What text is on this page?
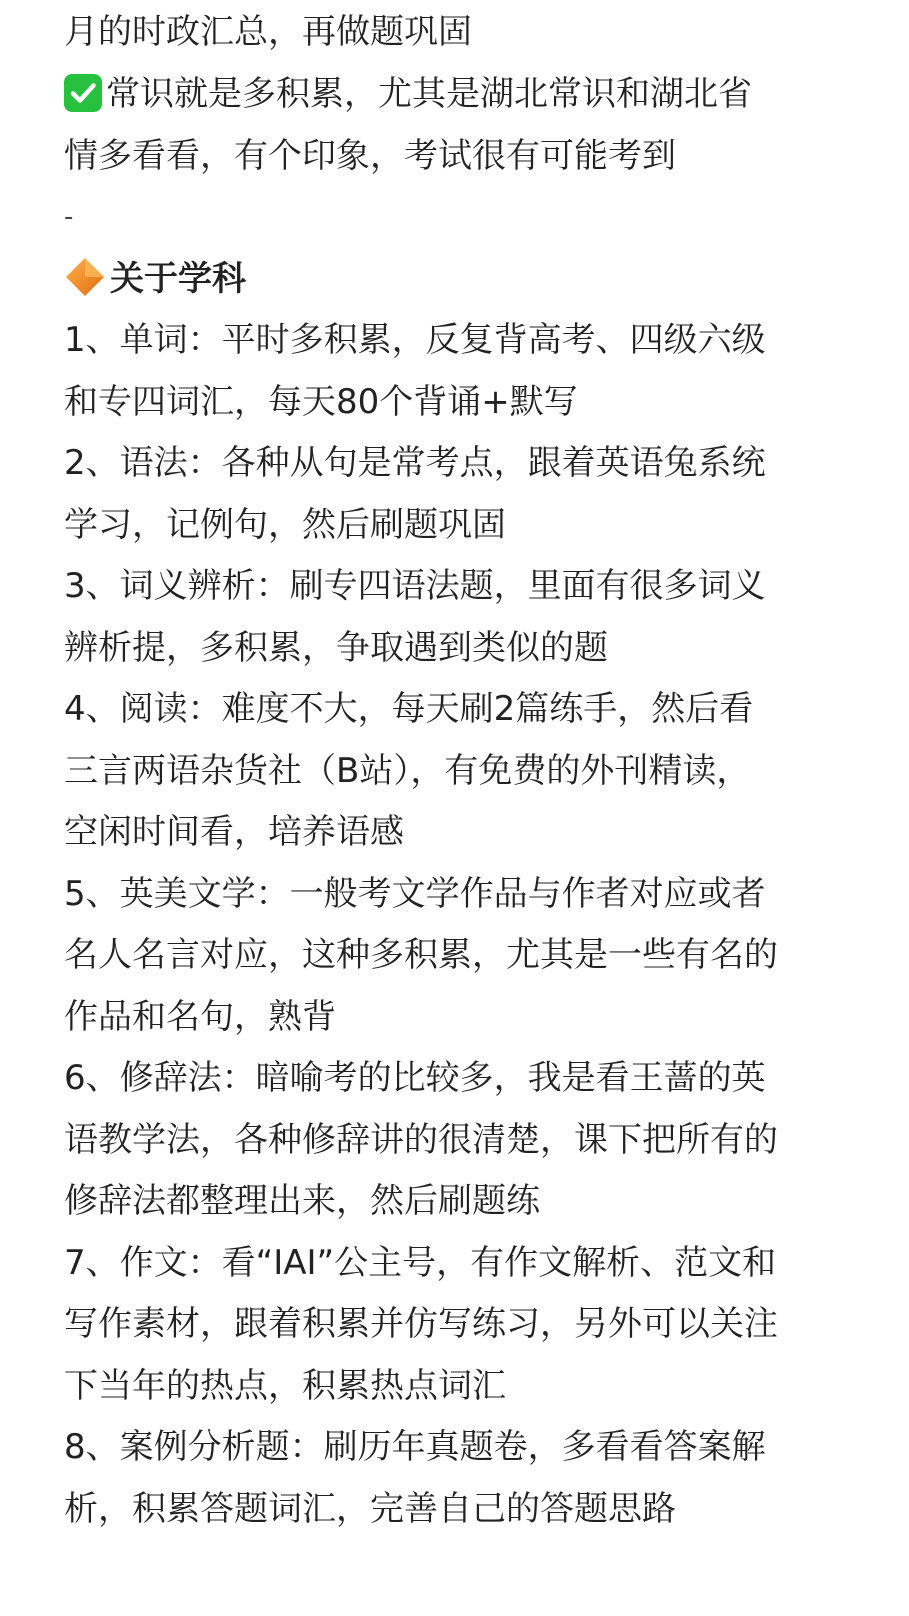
月的时政汇总，再做题巩固
常识就是多积累，尤其是湖北常识和湖北省
情多看看，有个印象，考试很有可能考到
-
关于学科
1、单词：平时多积累，反复背高考、四级六级
和专四词汇，每天80个背诵+默写
2、语法：各种从句是常考点，跟着英语兔系统
学习，记例句，然后刷题巩固
3、词义辨析：刷专四语法题，里面有很多词义
辨析提，多积累，争取遇到类似的题
4、阅读：难度不大，每天刷2篇练手，然后看
三言两语杂货社（B站），有免费的外刊精读，
空闲时间看，培养语感
5、英美文学：一般考文学作品与作者对应或者
名人名言对应，这种多积累，尤其是一些有名的
作品和名句，熟背
6、修辞法：暗喻考的比较多，我是看王蔷的英
语教学法，各种修辞讲的很清楚，课下把所有的
修辞法都整理出来，然后刷题练
7、作文：看“IAI”公主号，有作文解析、范文和
写作素材，跟着积累并仿写练习，另外可以关注
下当年的热点，积累热点词汇
8、案例分析题：刷历年真题卷，多看看答案解
析，积累答题词汇，完善自己的答题思路
